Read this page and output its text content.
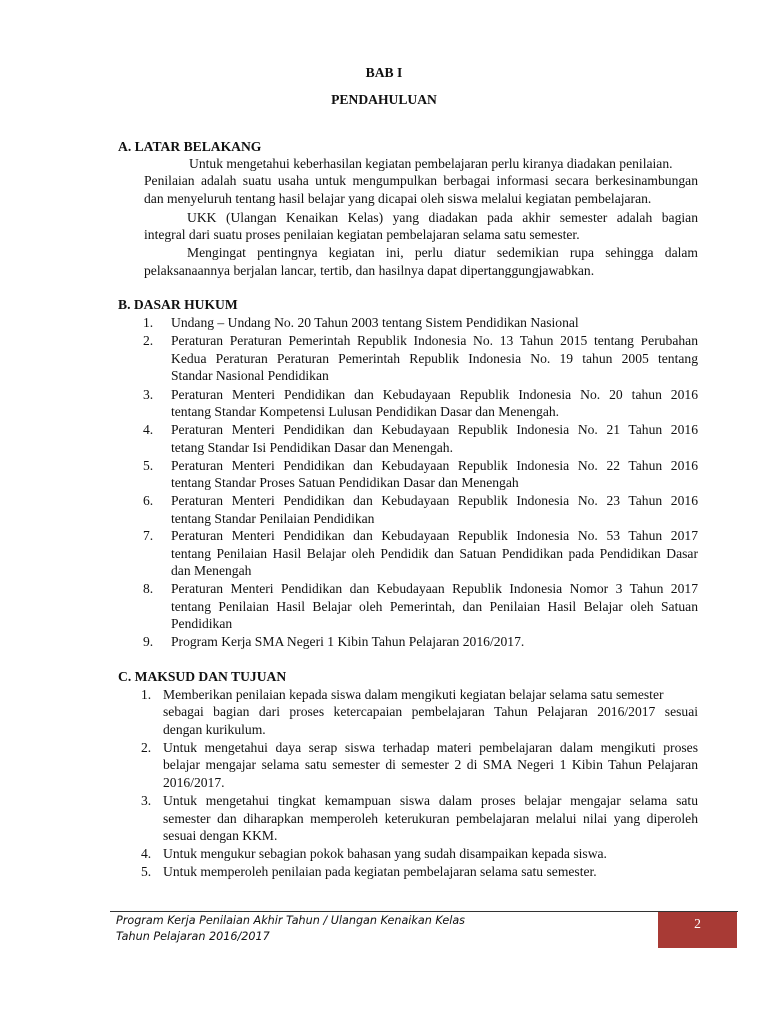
BAB I
PENDAHULUAN
A. LATAR BELAKANG
Untuk mengetahui keberhasilan kegiatan pembelajaran perlu kiranya diadakan penilaian.
Penilaian adalah suatu usaha untuk mengumpulkan berbagai informasi secara berkesinambungan
dan menyeluruh tentang hasil belajar yang dicapai oleh siswa melalui kegiatan pembelajaran.
UKK (Ulangan Kenaikan Kelas) yang diadakan pada akhir semester adalah bagian
integral dari suatu proses penilaian kegiatan pembelajaran selama satu semester.
Mengingat pentingnya kegiatan ini, perlu diatur sedemikian rupa sehingga dalam
pelaksanaannya berjalan lancar, tertib, dan hasilnya dapat dipertanggungjawabkan.
B. DASAR HUKUM
1. Undang – Undang No. 20 Tahun 2003 tentang Sistem Pendidikan Nasional
2. Peraturan Peraturan Pemerintah Republik Indonesia No. 13 Tahun 2015 tentang Perubahan
Kedua Peraturan Peraturan Pemerintah Republik Indonesia No. 19 tahun 2005 tentang
Standar Nasional Pendidikan
3. Peraturan Menteri Pendidikan dan Kebudayaan Republik Indonesia No. 20 tahun 2016
tentang Standar Kompetensi Lulusan Pendidikan Dasar dan Menengah.
4. Peraturan Menteri Pendidikan dan Kebudayaan Republik Indonesia No. 21 Tahun 2016
tetang Standar Isi Pendidikan Dasar dan Menengah.
5. Peraturan Menteri Pendidikan dan Kebudayaan Republik Indonesia No. 22 Tahun 2016
tentang Standar Proses Satuan Pendidikan Dasar dan Menengah
6. Peraturan Menteri Pendidikan dan Kebudayaan Republik Indonesia No. 23 Tahun 2016
tentang Standar Penilaian Pendidikan
7. Peraturan Menteri Pendidikan dan Kebudayaan Republik Indonesia No. 53 Tahun 2017
tentang Penilaian Hasil Belajar oleh Pendidik dan Satuan Pendidikan pada Pendidikan Dasar
dan Menengah
8. Peraturan Menteri Pendidikan dan Kebudayaan Republik Indonesia Nomor 3 Tahun 2017
tentang Penilaian Hasil Belajar oleh Pemerintah, dan Penilaian Hasil Belajar oleh Satuan
Pendidikan
9. Program Kerja SMA Negeri 1 Kibin Tahun Pelajaran 2016/2017.
C. MAKSUD DAN TUJUAN
1. Memberikan penilaian kepada siswa dalam mengikuti kegiatan belajar selama satu semester
sebagai bagian dari proses ketercapaian pembelajaran Tahun Pelajaran 2016/2017 sesuai
dengan kurikulum.
2. Untuk mengetahui daya serap siswa terhadap materi pembelajaran dalam mengikuti proses
belajar mengajar selama satu semester di semester 2 di SMA Negeri 1 Kibin Tahun Pelajaran
2016/2017.
3. Untuk mengetahui tingkat kemampuan siswa dalam proses belajar mengajar selama satu
semester dan diharapkan memperoleh keterukuran pembelajaran melalui nilai yang diperoleh
sesuai dengan KKM.
4. Untuk mengukur sebagian pokok bahasan yang sudah disampaikan kepada siswa.
5. Untuk memperoleh penilaian pada kegiatan pembelajaran selama satu semester.
Program Kerja Penilaian Akhir Tahun / Ulangan Kenaikan Kelas
Tahun Pelajaran 2016/2017
2
